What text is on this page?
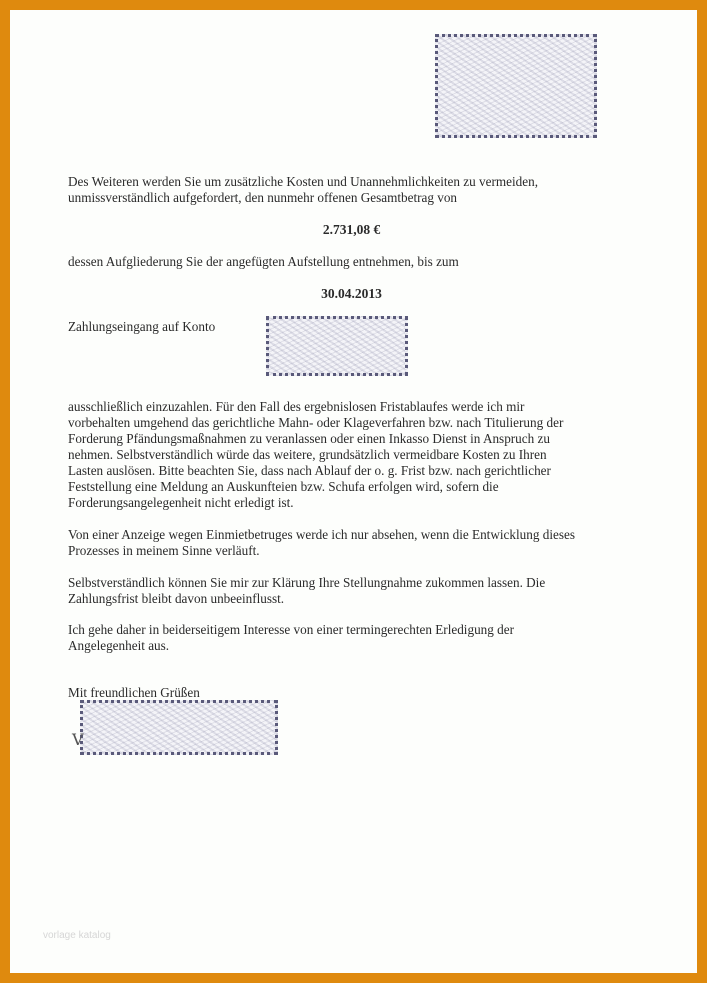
Des Weiteren werden Sie um zusätzliche Kosten und Unannehmlichkeiten zu vermeiden,
unmissverständlich aufgefordert, den nunmehr offenen Gesamtbetrag von
2.731,08 €
dessen Aufgliederung Sie der angefügten Aufstellung entnehmen, bis zum
30.04.2013
Zahlungseingang auf Konto
ausschließlich einzuzahlen. Für den Fall des ergebnislosen Fristablaufes werde ich mir
vorbehalten umgehend das gerichtliche Mahn- oder Klageverfahren bzw. nach Titulierung der
Forderung Pfändungsmaßnahmen zu veranlassen oder einen Inkasso Dienst in Anspruch zu
nehmen. Selbstverständlich würde das weitere, grundsätzlich vermeidbare Kosten zu Ihren
Lasten auslösen. Bitte beachten Sie, dass nach Ablauf der o. g. Frist bzw. nach gerichtlicher
Feststellung eine Meldung an Auskunfteien bzw. Schufa erfolgen wird, sofern die
Forderungsangelegenheit nicht erledigt ist.
Von einer Anzeige wegen Einmietbetruges werde ich nur absehen, wenn die Entwicklung dieses
Prozesses in meinem Sinne verläuft.
Selbstverständlich können Sie mir zur Klärung Ihre Stellungnahme zukommen lassen. Die
Zahlungsfrist bleibt davon unbeeinflusst.
Ich gehe daher in beiderseitigem Interesse von einer termingerechten Erledigung der
Angelegenheit aus.
Mit freundlichen Grüßen
V
vorlage katalog
